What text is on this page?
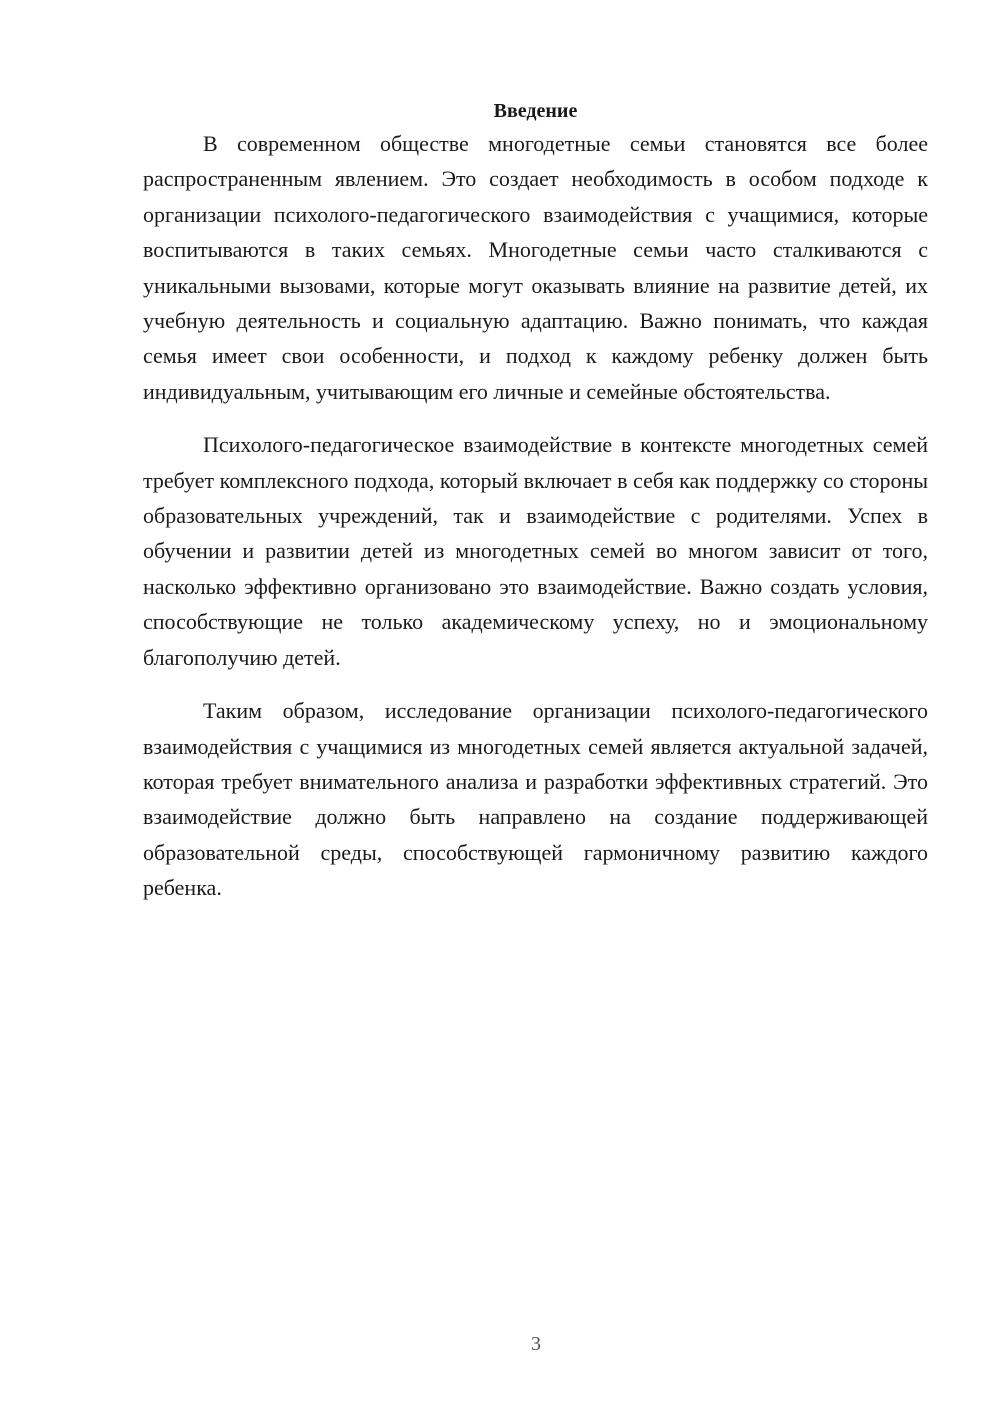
Введение

В современном обществе многодетные семьи становятся все более распространенным явлением. Это создает необходимость в особом подходе к организации психолого-педагогического взаимодействия с учащимися, которые воспитываются в таких семьях. Многодетные семьи часто сталкиваются с уникальными вызовами, которые могут оказывать влияние на развитие детей, их учебную деятельность и социальную адаптацию. Важно понимать, что каждая семья имеет свои особенности, и подход к каждому ребенку должен быть индивидуальным, учитывающим его личные и семейные обстоятельства.

Психолого-педагогическое взаимодействие в контексте многодетных семей требует комплексного подхода, который включает в себя как поддержку со стороны образовательных учреждений, так и взаимодействие с родителями. Успех в обучении и развитии детей из многодетных семей во многом зависит от того, насколько эффективно организовано это взаимодействие. Важно создать условия, способствующие не только академическому успеху, но и эмоциональному благополучию детей.

Таким образом, исследование организации психолого-педагогического взаимодействия с учащимися из многодетных семей является актуальной задачей, которая требует внимательного анализа и разработки эффективных стратегий. Это взаимодействие должно быть направлено на создание поддерживающей образовательной среды, способствующей гармоничному развитию каждого ребенка.

3
